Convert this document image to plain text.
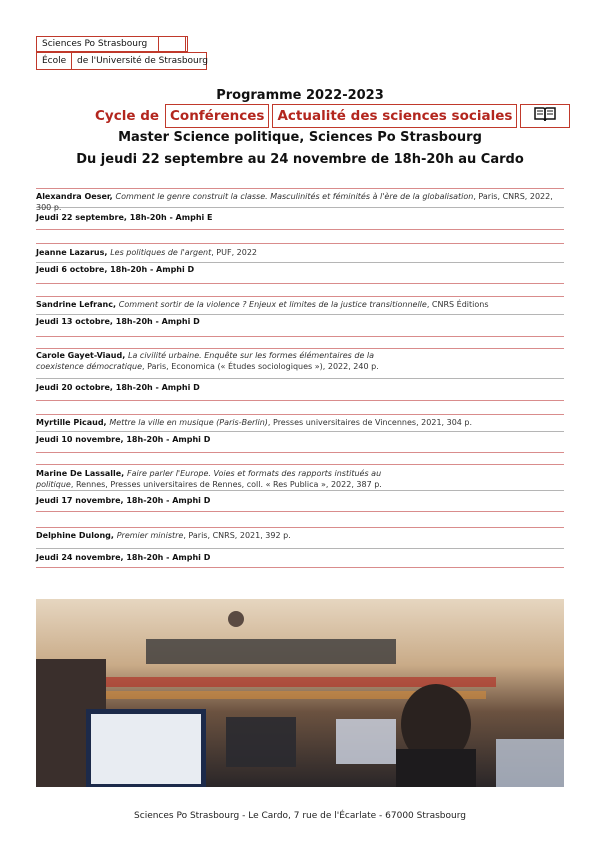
Sciences Po Strasbourg
École	de l'Université de Strasbourg
Programme 2022-2023
Cycle de Conférences Actualité des sciences sociales
Master Science politique, Sciences Po Strasbourg
Du jeudi 22 septembre au 24 novembre de 18h-20h au Cardo
Alexandra Oeser, Comment le genre construit la classe. Masculinités et féminités à l'ère de la globalisation, Paris, CNRS, 2022, 300 p.
Jeudi 22 septembre, 18h-20h - Amphi E
Jeanne Lazarus, Les politiques de l'argent, PUF, 2022
Jeudi 6 octobre, 18h-20h - Amphi D
Sandrine Lefranc, Comment sortir de la violence ? Enjeux et limites de la justice transitionnelle, CNRS Éditions
Jeudi 13 octobre, 18h-20h - Amphi D
Carole Gayet-Viaud, La civilité urbaine. Enquête sur les formes élémentaires de la coexistence démocratique, Paris, Economica (« Études sociologiques »), 2022, 240 p.
Jeudi 20 octobre, 18h-20h - Amphi D
Myrtille Picaud, Mettre la ville en musique (Paris-Berlin), Presses universitaires de Vincennes, 2021, 304 p.
Jeudi 10 novembre, 18h-20h - Amphi D
Marine De Lassalle, Faire parler l'Europe. Voies et formats des rapports institués au politique, Rennes, Presses universitaires de Rennes, coll. « Res Publica », 2022, 387 p.
Jeudi 17 novembre, 18h-20h - Amphi D
Delphine Dulong, Premier ministre, Paris, CNRS, 2021, 392 p.
Jeudi 24 novembre, 18h-20h - Amphi D
Sciences Po Strasbourg - Le Cardo, 7 rue de l'Écarlate - 67000 Strasbourg
